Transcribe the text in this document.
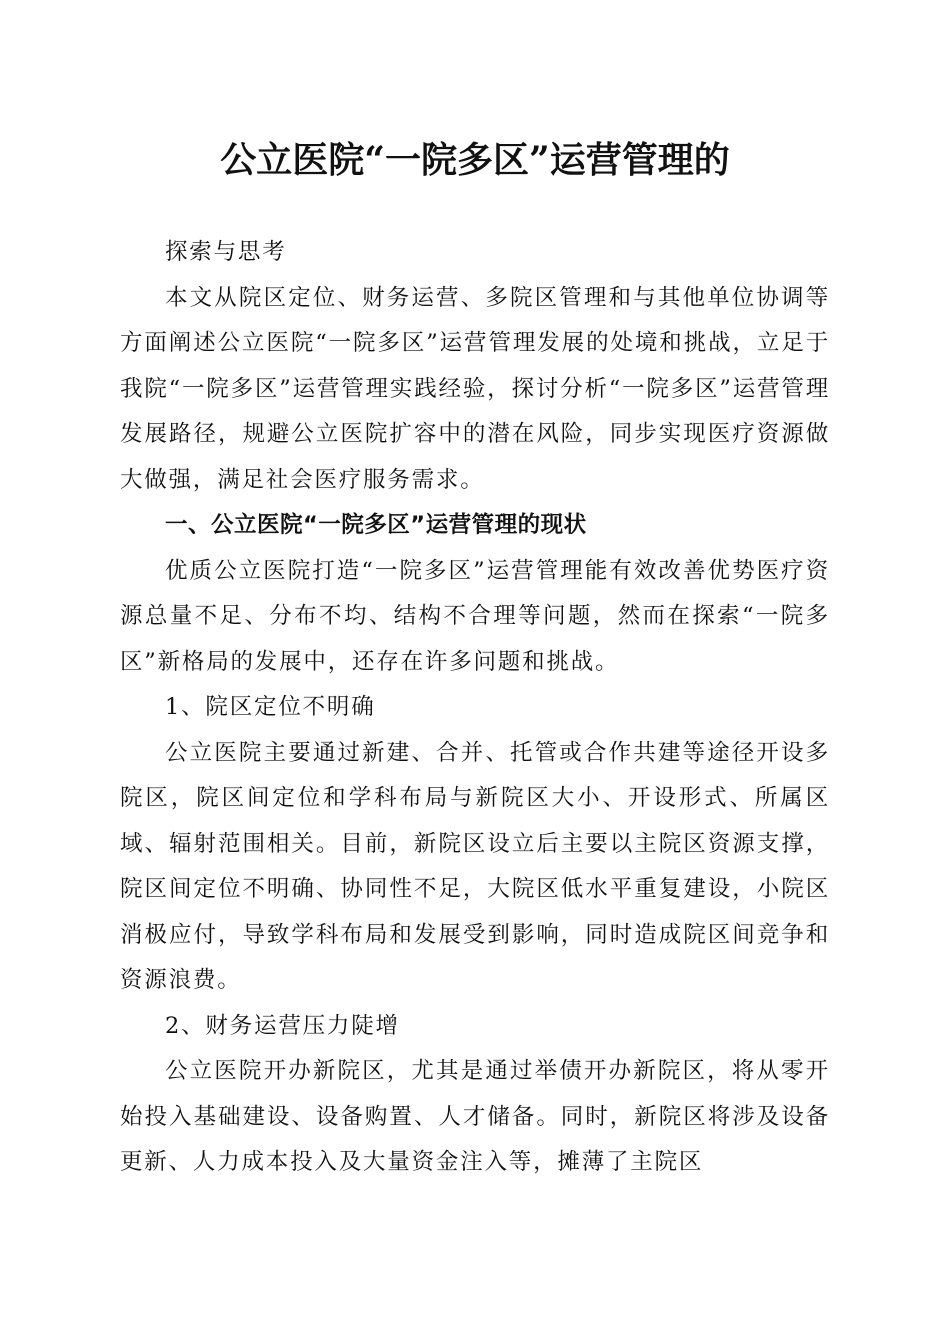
公立医院“一院多区”运营管理的

探索与思考

本文从院区定位、财务运营、多院区管理和与其他单位协调等方面阐述公立医院“一院多区”运营管理发展的处境和挑战，立足于我院“一院多区”运营管理实践经验，探讨分析“一院多区”运营管理发展路径，规避公立医院扩容中的潜在风险，同步实现医疗资源做大做强，满足社会医疗服务需求。

一、公立医院“一院多区”运营管理的现状

优质公立医院打造“一院多区”运营管理能有效改善优势医疗资源总量不足、分布不均、结构不合理等问题，然而在探索“一院多区”新格局的发展中，还存在许多问题和挑战。

1、院区定位不明确

公立医院主要通过新建、合并、托管或合作共建等途径开设多院区，院区间定位和学科布局与新院区大小、开设形式、所属区域、辐射范围相关。目前，新院区设立后主要以主院区资源支撑，院区间定位不明确、协同性不足，大院区低水平重复建设，小院区消极应付，导致学科布局和发展受到影响，同时造成院区间竞争和资源浪费。

2、财务运营压力陡增

公立医院开办新院区，尤其是通过举债开办新院区，将从零开始投入基础建设、设备购置、人才储备。同时，新院区将涉及设备更新、人力成本投入及大量资金注入等，摊薄了主院区
